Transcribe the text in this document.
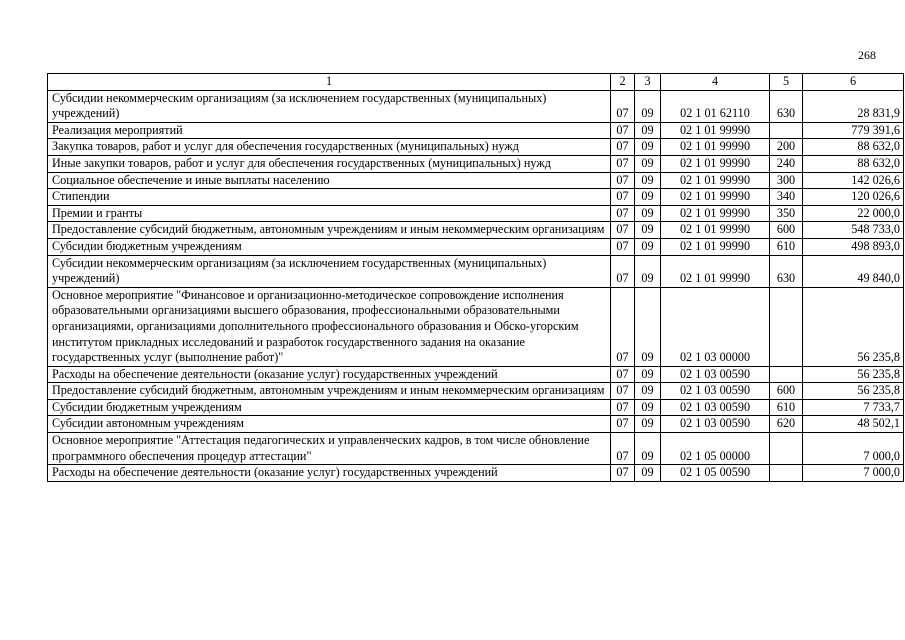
268
1	2	3	4	5	6
Субсидии некоммерческим организациям (за исключением государственных (муниципальных) учреждений)	07	09	02 1 01 62110	630	28 831,9
Реализация мероприятий	07	09	02 1 01 99990		779 391,6
Закупка товаров, работ и услуг для обеспечения государственных (муниципальных) нужд	07	09	02 1 01 99990	200	88 632,0
Иные закупки товаров, работ и услуг для обеспечения государственных (муниципальных) нужд	07	09	02 1 01 99990	240	88 632,0
Социальное обеспечение и иные выплаты населению	07	09	02 1 01 99990	300	142 026,6
Стипендии	07	09	02 1 01 99990	340	120 026,6
Премии и гранты	07	09	02 1 01 99990	350	22 000,0
Предоставление субсидий бюджетным, автономным учреждениям и иным некоммерческим организациям	07	09	02 1 01 99990	600	548 733,0
Субсидии бюджетным учреждениям	07	09	02 1 01 99990	610	498 893,0
Субсидии некоммерческим организациям (за исключением государственных (муниципальных) учреждений)	07	09	02 1 01 99990	630	49 840,0
Основное мероприятие "Финансовое и организационно-методическое сопровождение исполнения образовательными организациями высшего образования, профессиональными образовательными организациями, организациями дополнительного профессионального образования и Обско-угорским институтом прикладных исследований и разработок государственного задания на оказание государственных услуг (выполнение работ)"	07	09	02 1 03 00000		56 235,8
Расходы на обеспечение деятельности (оказание услуг) государственных учреждений	07	09	02 1 03 00590		56 235,8
Предоставление субсидий бюджетным, автономным учреждениям и иным некоммерческим организациям	07	09	02 1 03 00590	600	56 235,8
Субсидии бюджетным учреждениям	07	09	02 1 03 00590	610	7 733,7
Субсидии автономным учреждениям	07	09	02 1 03 00590	620	48 502,1
Основное мероприятие "Аттестация педагогических и управленческих кадров, в том числе обновление программного обеспечения процедур аттестации"	07	09	02 1 05 00000		7 000,0
Расходы на обеспечение деятельности (оказание услуг) государственных учреждений	07	09	02 1 05 00590		7 000,0
